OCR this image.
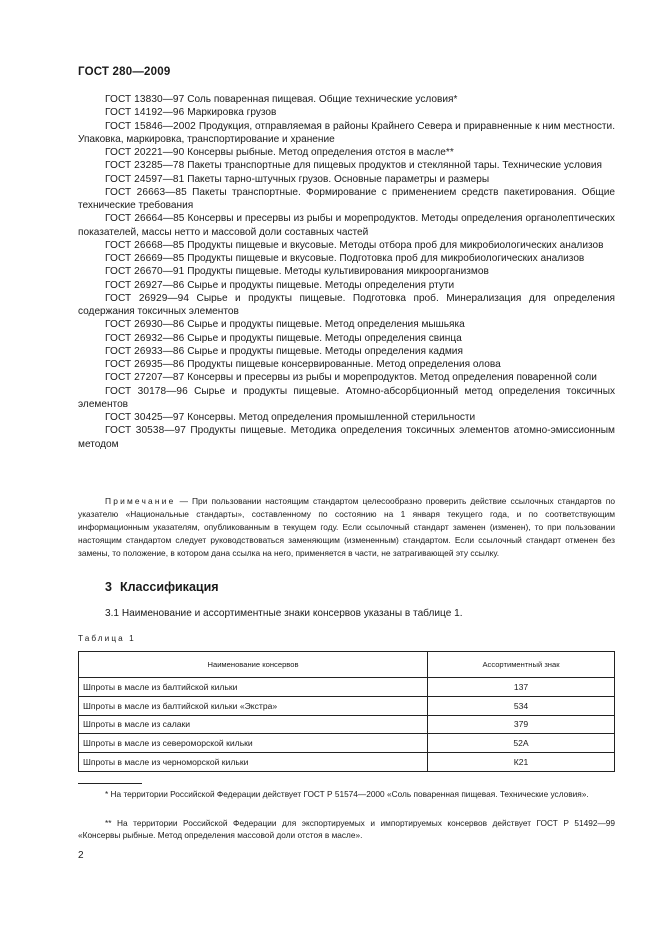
ГОСТ 280—2009

ГОСТ 13830—97 Соль поваренная пищевая. Общие технические условия*

ГОСТ 14192—96 Маркировка грузов

ГОСТ 15846—2002 Продукция, отправляемая в районы Крайнего Севера и приравненные к ним местности. Упаковка, маркировка, транспортирование и хранение

ГОСТ 20221—90 Консервы рыбные. Метод определения отстоя в масле**

ГОСТ 23285—78 Пакеты транспортные для пищевых продуктов и стеклянной тары. Технические условия

ГОСТ 24597—81 Пакеты тарно-штучных грузов. Основные параметры и размеры

ГОСТ 26663—85 Пакеты транспортные. Формирование с применением средств пакетирования. Общие технические требования

ГОСТ 26664—85 Консервы и пресервы из рыбы и морепродуктов. Методы определения органолептических показателей, массы нетто и массовой доли составных частей

ГОСТ 26668—85 Продукты пищевые и вкусовые. Методы отбора проб для микробиологических анализов

ГОСТ 26669—85 Продукты пищевые и вкусовые. Подготовка проб для микробиологических анализов

ГОСТ 26670—91 Продукты пищевые. Методы культивирования микроорганизмов

ГОСТ 26927—86 Сырье и продукты пищевые. Методы определения ртути

ГОСТ 26929—94 Сырье и продукты пищевые. Подготовка проб. Минерализация для определения содержания токсичных элементов

ГОСТ 26930—86 Сырье и продукты пищевые. Метод определения мышьяка

ГОСТ 26932—86 Сырье и продукты пищевые. Методы определения свинца

ГОСТ 26933—86 Сырье и продукты пищевые. Методы определения кадмия

ГОСТ 26935—86 Продукты пищевые консервированные. Метод определения олова

ГОСТ 27207—87 Консервы и пресервы из рыбы и морепродуктов. Метод определения поваренной соли

ГОСТ 30178—96 Сырье и продукты пищевые. Атомно-абсорбционный метод определения токсичных элементов

ГОСТ 30425—97 Консервы. Метод определения промышленной стерильности

ГОСТ 30538—97 Продукты пищевые. Методика определения токсичных элементов атомно-эмиссионным методом

Примечание — При пользовании настоящим стандартом целесообразно проверить действие ссылочных стандартов по указателю «Национальные стандарты», составленному по состоянию на 1 января текущего года, и по соответствующим информационным указателям, опубликованным в текущем году. Если ссылочный стандарт заменен (изменен), то при пользовании настоящим стандартом следует руководствоваться заменяющим (измененным) стандартом. Если ссылочный стандарт отменен без замены, то положение, в котором дана ссылка на него, применяется в части, не затрагивающей эту ссылку.

3 Классификация
3.1 Наименование и ассортиментные знаки консервов указаны в таблице 1.
Таблица 1
Наименование консервов	Ассортиментный знак
Шпроты в масле из балтийской кильки	137
Шпроты в масле из балтийской кильки «Экстра»	534
Шпроты в масле из салаки	379
Шпроты в масле из североморской кильки	52А
Шпроты в масле из черноморской кильки	К21

* На территории Российской Федерации действует ГОСТ Р 51574—2000 «Соль поваренная пищевая. Технические условия».

** На территории Российской Федерации для экспортируемых и импортируемых консервов действует ГОСТ Р 51492—99 «Консервы рыбные. Метод определения массовой доли отстоя в масле».

2
